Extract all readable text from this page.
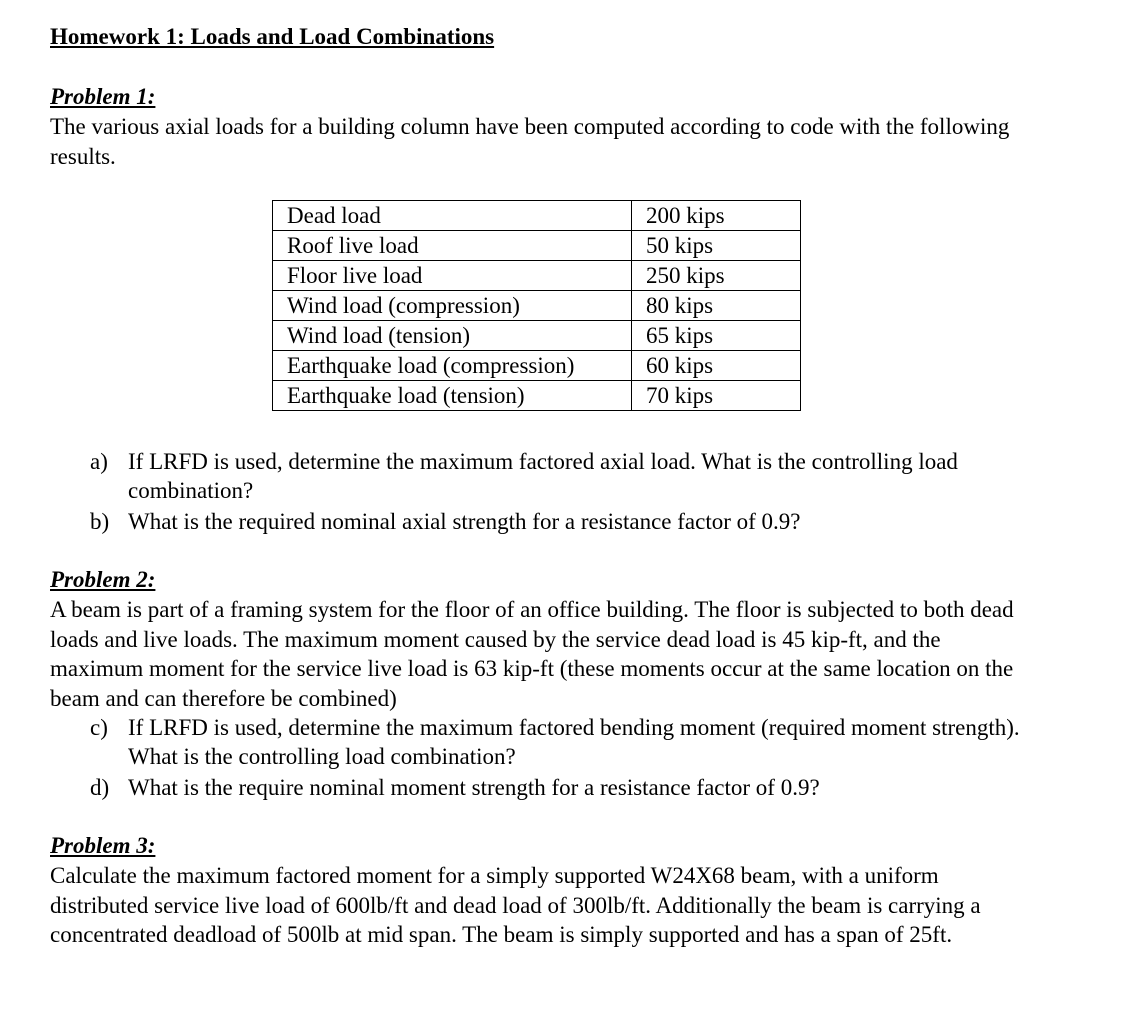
Homework 1: Loads and Load Combinations
Problem 1:
The various axial loads for a building column have been computed according to code with the following results.
Dead load	200 kips
Roof live load	50 kips
Floor live load	250 kips
Wind load (compression)	80 kips
Wind load (tension)	65 kips
Earthquake load (compression)	60 kips
Earthquake load (tension)	70 kips
a) If LRFD is used, determine the maximum factored axial load. What is the controlling load combination?
b) What is the required nominal axial strength for a resistance factor of 0.9?
Problem 2:
A beam is part of a framing system for the floor of an office building. The floor is subjected to both dead loads and live loads. The maximum moment caused by the service dead load is 45 kip-ft, and the maximum moment for the service live load is 63 kip-ft (these moments occur at the same location on the beam and can therefore be combined)
c) If LRFD is used, determine the maximum factored bending moment (required moment strength). What is the controlling load combination?
d) What is the require nominal moment strength for a resistance factor of 0.9?
Problem 3:
Calculate the maximum factored moment for a simply supported W24X68 beam, with a uniform distributed service live load of 600lb/ft and dead load of 300lb/ft. Additionally the beam is carrying a concentrated deadload of 500lb at mid span. The beam is simply supported and has a span of 25ft.
